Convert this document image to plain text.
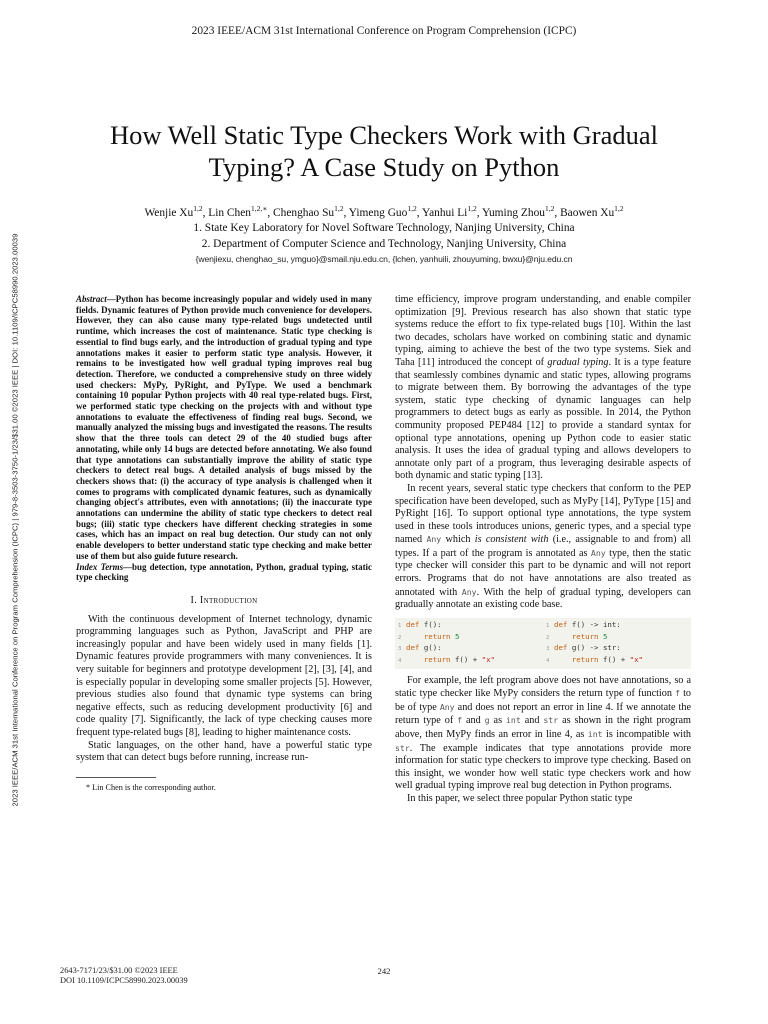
2023 IEEE/ACM 31st International Conference on Program Comprehension (ICPC)
2023 IEEE/ACM 31st International Conference on Program Comprehension (ICPC) | 979-8-3503-3750-1/23/$31.00 ©2023 IEEE | DOI: 10.1109/ICPC58990.2023.00039
How Well Static Type Checkers Work with Gradual
Typing? A Case Study on Python
Wenjie Xu$^{1,2}$, Lin Chen$^{1,2,∗}$, Chenghao Su$^{1,2}$, Yimeng Guo$^{1,2}$, Yanhui Li$^{1,2}$, Yuming Zhou$^{1,2}$, Baowen Xu$^{1,2}$
1. State Key Laboratory for Novel Software Technology, Nanjing University, China
2. Department of Computer Science and Technology, Nanjing University, China
{wenjiexu, chenghao_su, ymguo}@smail.nju.edu.cn, {lchen, yanhuili, zhouyuming, bwxu}@nju.edu.cn
Abstract—Python has become increasingly popular and widely used in many fields. Dynamic features of Python provide much convenience for developers. However, they can also cause many type-related bugs undetected until runtime, which increases the cost of maintenance. Static type checking is essential to find bugs early, and the introduction of gradual typing and type annotations makes it easier to perform static type analysis. However, it remains to be investigated how well gradual typing improves real bug detection. Therefore, we conducted a comprehensive study on three widely used checkers: MyPy, PyRight, and PyType. We used a benchmark containing 10 popular Python projects with 40 real type-related bugs. First, we performed static type checking on the projects with and without type annotations to evaluate the effectiveness of finding real bugs. Second, we manually analyzed the missing bugs and investigated the reasons. The results show that the three tools can detect 29 of the 40 studied bugs after annotating, while only 14 bugs are detected before annotating. We also found that type annotations can substantially improve the ability of static type checkers to detect real bugs. A detailed analysis of bugs missed by the checkers shows that: (i) the accuracy of type analysis is challenged when it comes to programs with complicated dynamic features, such as dynamically changing object's attributes, even with annotations; (ii) the inaccurate type annotations can undermine the ability of static type checkers to detect real bugs; (iii) static type checkers have different checking strategies in some cases, which has an impact on real bug detection. Our study can not only enable developers to better understand static type checking and make better use of them but also guide future research.
Index Terms—bug detection, type annotation, Python, gradual typing, static type checking
I. Introduction

With the continuous development of Internet technology, dynamic programming languages such as Python, JavaScript and PHP are increasingly popular and have been widely used in many fields [1]. Dynamic features provide programmers with many conveniences. It is very suitable for beginners and prototype development [2], [3], [4], and is especially popular in developing some smaller projects [5]. However, previous studies also found that dynamic type systems can bring negative effects, such as reducing development productivity [6] and code quality [7]. Significantly, the lack of type checking causes more frequent type-related bugs [8], leading to higher maintenance costs.

Static languages, on the other hand, have a powerful static type system that can detect bugs before running, increase run-

* Lin Chen is the corresponding author.

time efficiency, improve program understanding, and enable compiler optimization [9]. Previous research has also shown that static type systems reduce the effort to fix type-related bugs [10]. Within the last two decades, scholars have worked on combining static and dynamic typing, aiming to achieve the best of the two type systems. Siek and Taha [11] introduced the concept of gradual typing. It is a type feature that seamlessly combines dynamic and static types, allowing programs to migrate between them. By borrowing the advantages of the type system, static type checking of dynamic languages can help programmers to detect bugs as early as possible. In 2014, the Python community proposed PEP484 [12] to provide a standard syntax for optional type annotations, opening up Python code to easier static analysis. It uses the idea of gradual typing and allows developers to annotate only part of a program, thus leveraging desirable aspects of both dynamic and static typing [13].

In recent years, several static type checkers that conform to the PEP specification have been developed, such as MyPy [14], PyType [15] and PyRight [16]. To support optional type annotations, the type system used in these tools introduces unions, generic types, and a special type named Any which is consistent with (i.e., assignable to and from) all types. If a part of the program is annotated as Any type, then the static type checker will consider this part to be dynamic and will not report errors. Programs that do not have annotations are also treated as annotated with Any. With the help of gradual typing, developers can gradually annotate an existing code base.

1 def f():
2    return 5
3 def g():
4    return f() + "x"
1 def f() -> int:
2    return 5
3 def g() -> str:
4    return f() + "x"

For example, the left program above does not have annotations, so a static type checker like MyPy considers the return type of function f to be of type Any and does not report an error in line 4. If we annotate the return type of f and g as int and str as shown in the right program above, then MyPy finds an error in line 4, as int is incompatible with str. The example indicates that type annotations provide more information for static type checkers to improve type checking. Based on this insight, we wonder how well static type checkers work and how well gradual typing improve real bug detection in Python programs.

In this paper, we select three popular Python static type

2643-7171/23/$31.00 ©2023 IEEE
DOI 10.1109/ICPC58990.2023.00039
242
